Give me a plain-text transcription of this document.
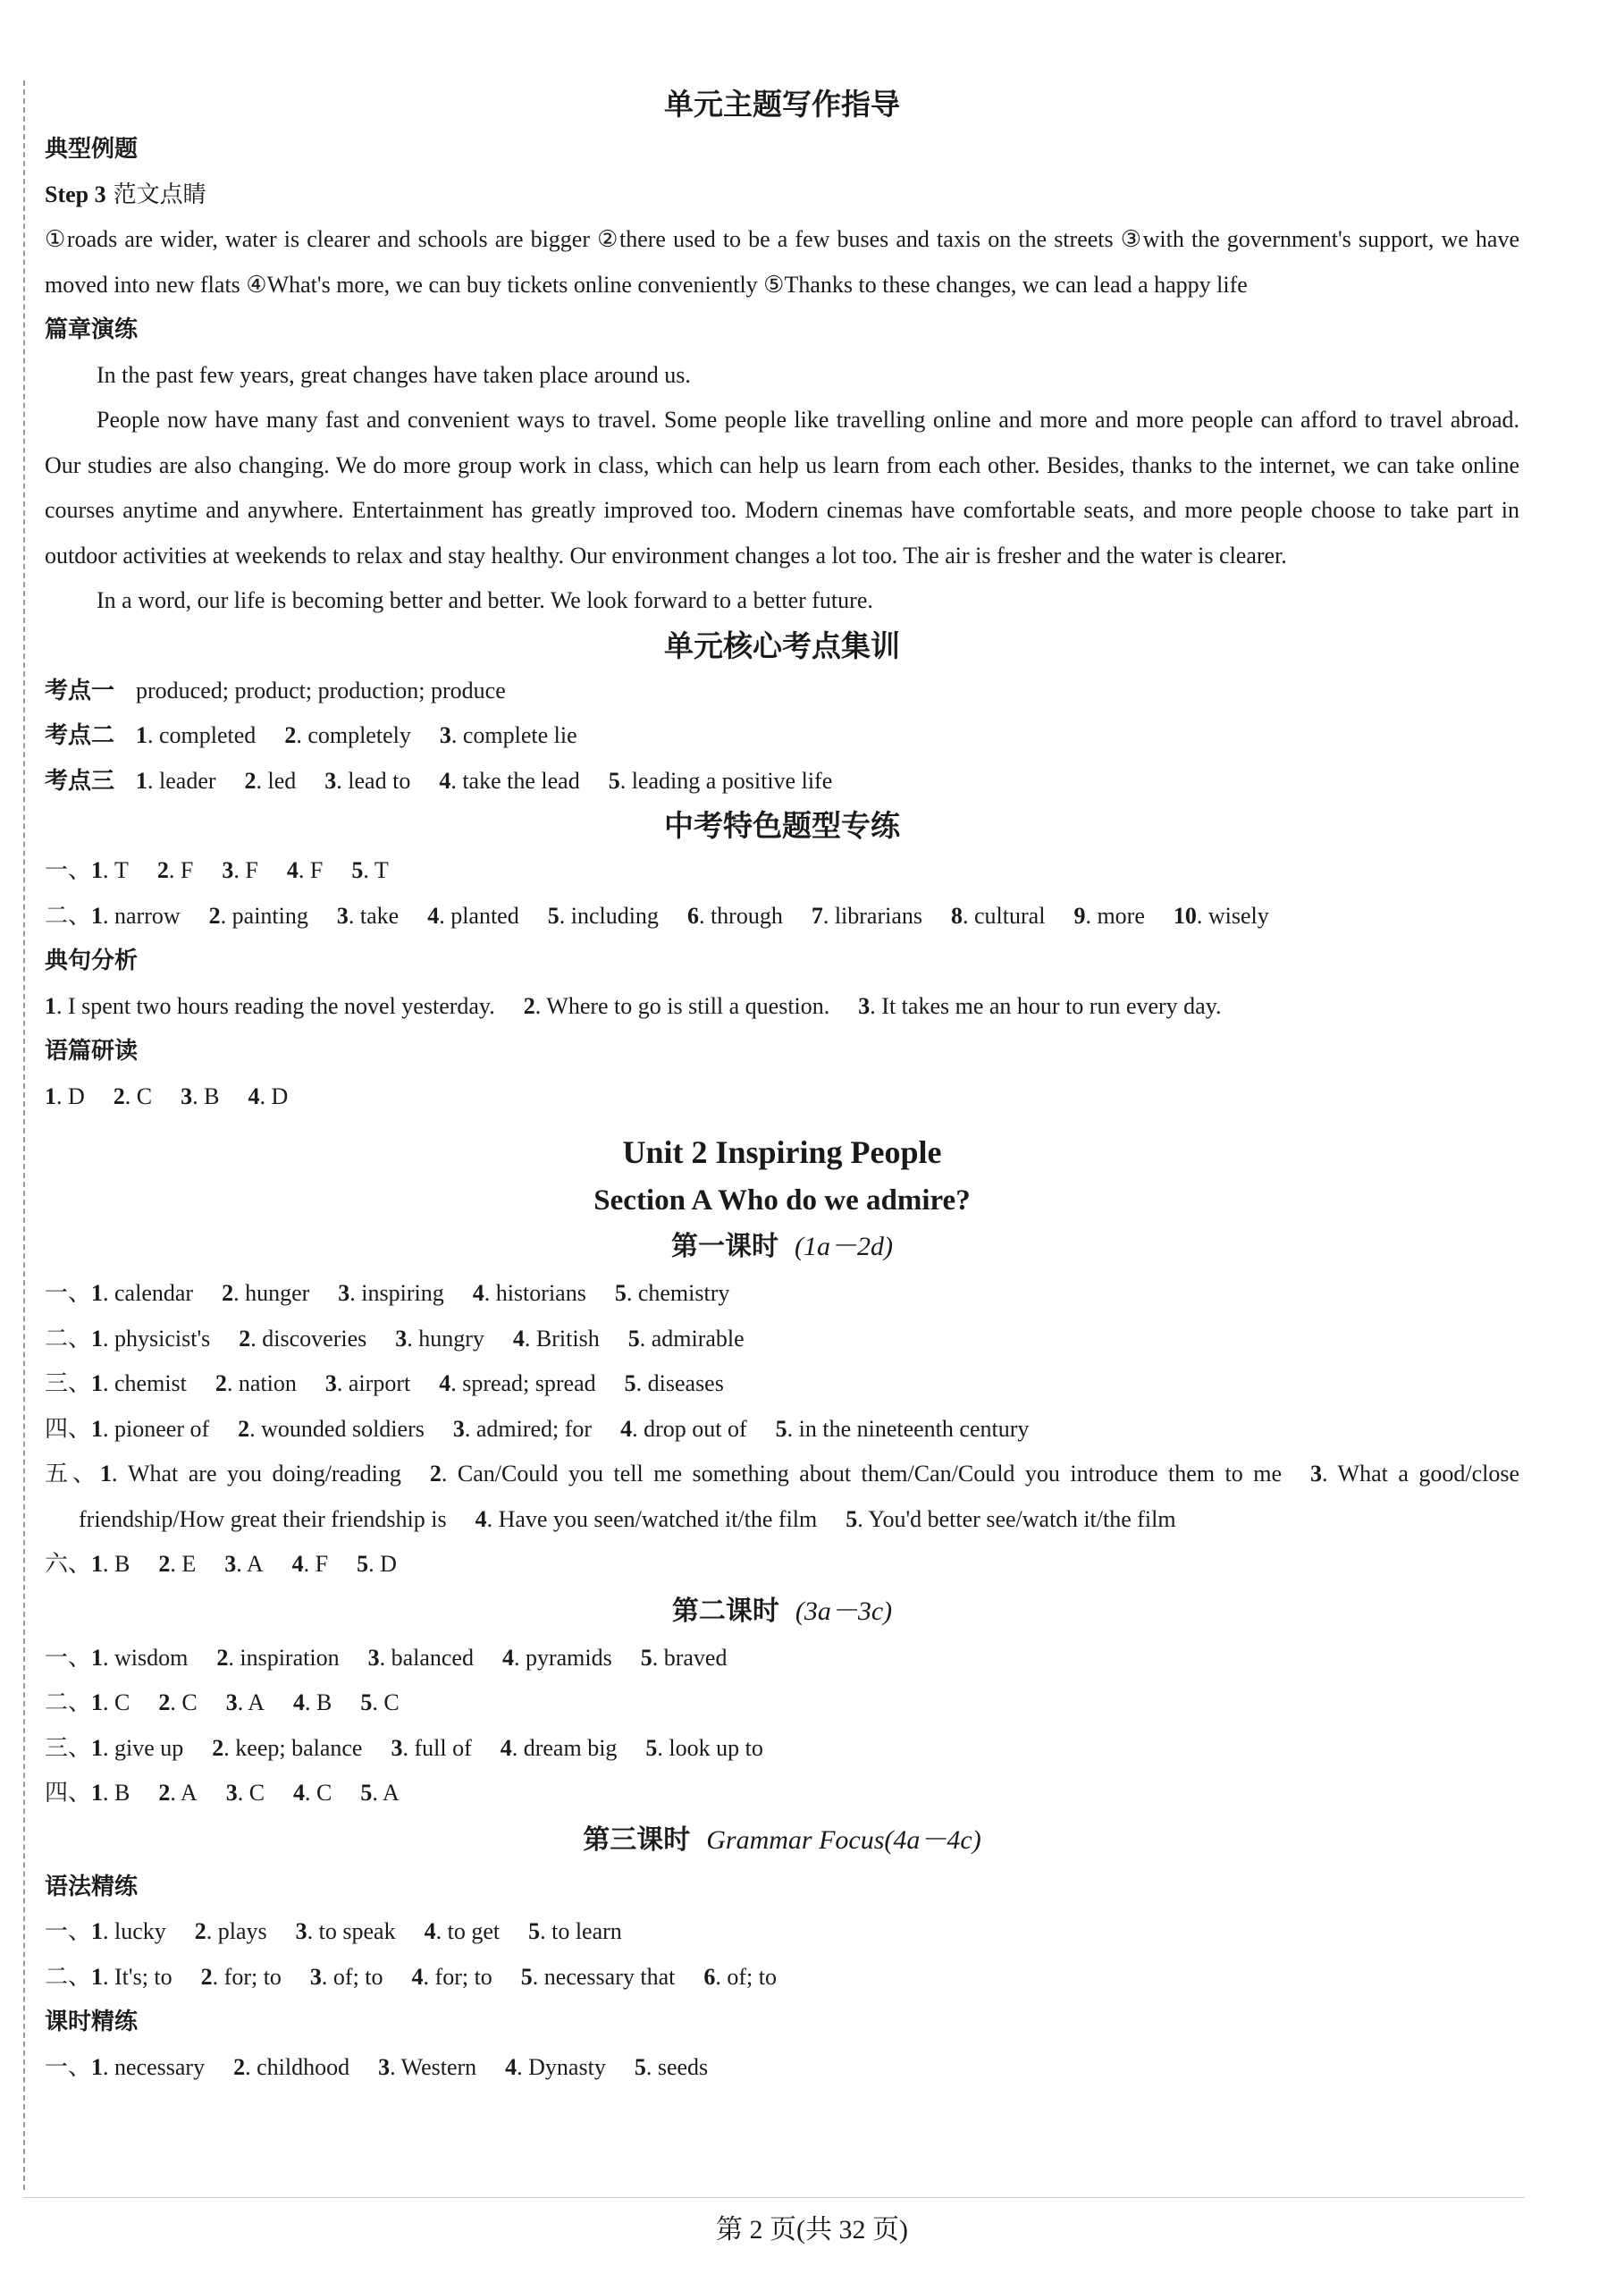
单元主题写作指导
典型例题
Step 3 范文点睛
①roads are wider, water is clearer and schools are bigger ②there used to be a few buses and taxis on the streets ③with the government's support, we have moved into new flats ④What's more, we can buy tickets online conveniently ⑤Thanks to these changes, we can lead a happy life
篇章演练
In the past few years, great changes have taken place around us.
People now have many fast and convenient ways to travel. Some people like travelling online and more and more people can afford to travel abroad. Our studies are also changing. We do more group work in class, which can help us learn from each other. Besides, thanks to the internet, we can take online courses anytime and anywhere. Entertainment has greatly improved too. Modern cinemas have comfortable seats, and more people choose to take part in outdoor activities at weekends to relax and stay healthy. Our environment changes a lot too. The air is fresher and the water is clearer.
In a word, our life is becoming better and better. We look forward to a better future.
单元核心考点集训
考点一 produced; product; production; produce
考点二 1. completed 2. completely 3. complete lie
考点三 1. leader 2. led 3. lead to 4. take the lead 5. leading a positive life
中考特色题型专练
一、1. T 2. F 3. F 4. F 5. T
二、1. narrow 2. painting 3. take 4. planted 5. including 6. through 7. librarians 8. cultural 9. more 10. wisely
典句分析
1. I spent two hours reading the novel yesterday. 2. Where to go is still a question. 3. It takes me an hour to run every day.
语篇研读
1. D 2. C 3. B 4. D
Unit 2 Inspiring People
Section A Who do we admire?
第一课时 (1a－2d)
一、1. calendar 2. hunger 3. inspiring 4. historians 5. chemistry
二、1. physicist's 2. discoveries 3. hungry 4. British 5. admirable
三、1. chemist 2. nation 3. airport 4. spread; spread 5. diseases
四、1. pioneer of 2. wounded soldiers 3. admired; for 4. drop out of 5. in the nineteenth century
五、1. What are you doing/reading 2. Can/Could you tell me something about them/Can/Could you introduce them to me 3. What a good/close friendship/How great their friendship is 4. Have you seen/watched it/the film 5. You'd better see/watch it/the film
六、1. B 2. E 3. A 4. F 5. D
第二课时 (3a－3c)
一、1. wisdom 2. inspiration 3. balanced 4. pyramids 5. braved
二、1. C 2. C 3. A 4. B 5. C
三、1. give up 2. keep; balance 3. full of 4. dream big 5. look up to
四、1. B 2. A 3. C 4. C 5. A
第三课时 Grammar Focus(4a－4c)
语法精练
一、1. lucky 2. plays 3. to speak 4. to get 5. to learn
二、1. It's; to 2. for; to 3. of; to 4. for; to 5. necessary that 6. of; to
课时精练
一、1. necessary 2. childhood 3. Western 4. Dynasty 5. seeds
第 2 页(共 32 页)
